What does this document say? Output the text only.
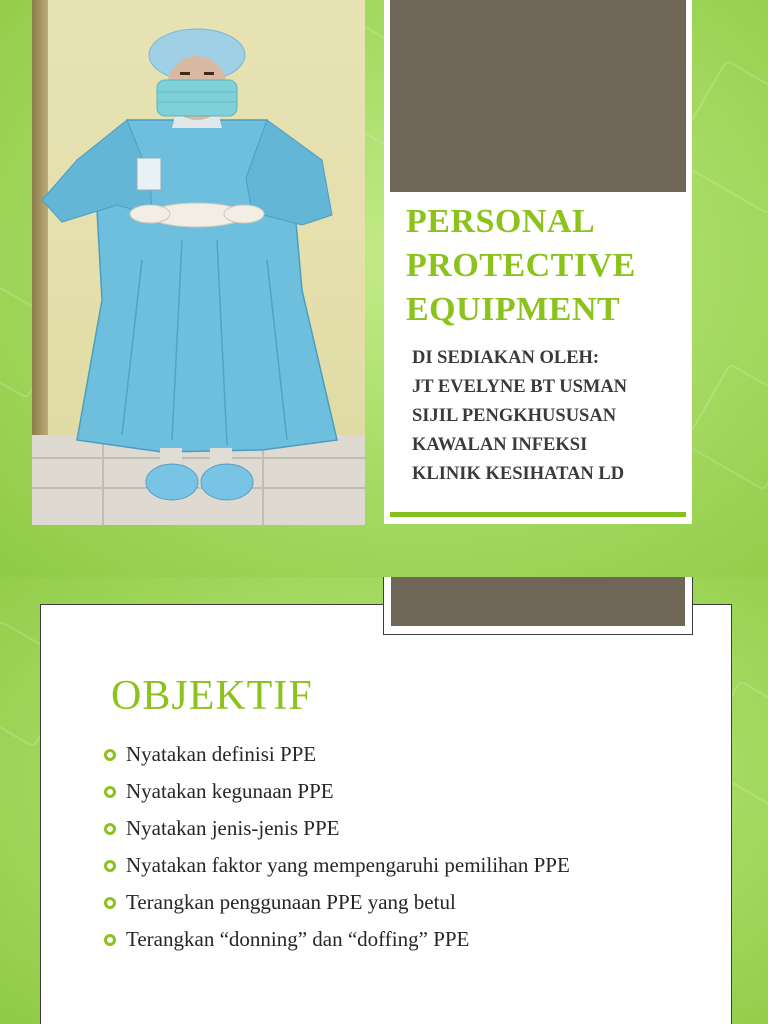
PERSONAL
PROTECTIVE
EQUIPMENT
DI SEDIAKAN OLEH:
JT EVELYNE BT USMAN
SIJIL PENGKHUSUSAN
KAWALAN INFEKSI
KLINIK KESIHATAN LD
OBJEKTIF
Nyatakan definisi PPE
Nyatakan kegunaan PPE
Nyatakan jenis-jenis PPE
Nyatakan faktor yang mempengaruhi pemilihan PPE
Terangkan penggunaan PPE yang betul
Terangkan “donning” dan “doffing” PPE
